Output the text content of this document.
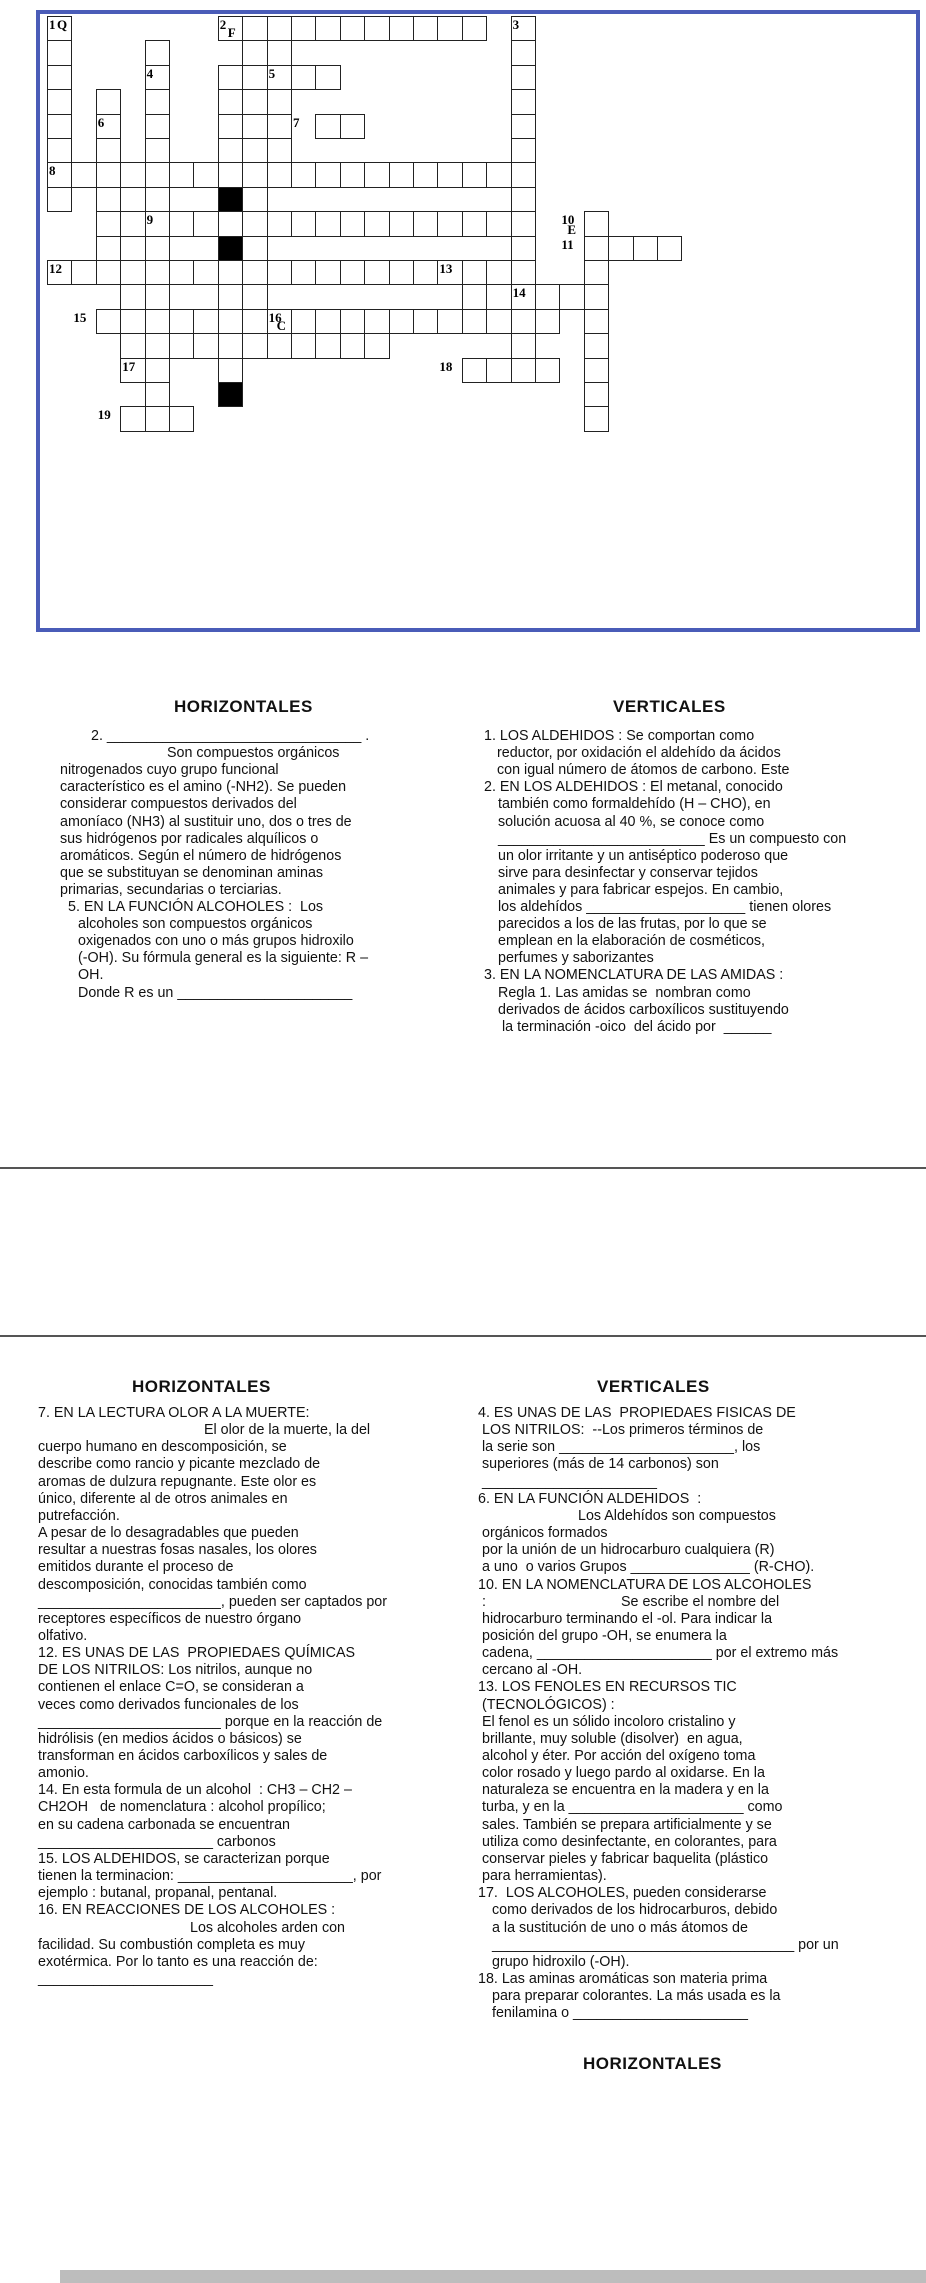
1	2	3
4	5
6	7
8
9	10
11
12	13
14
15	16
17	18
19
Q
F
E
C
HORIZONTALES	VERTICALES
HORIZONTALES	VERTICALES
HORIZONTALES
2. ________________________________ .
Son compuestos orgánicos
nitrogenados cuyo grupo funcional
característico es el amino (-NH2). Se pueden
considerar compuestos derivados del
amoníaco (NH3) al sustituir uno, dos o tres de
sus hidrógenos por radicales alquílicos o
aromáticos. Según el número de hidrógenos
que se substituyan se denominan aminas
primarias, secundarias o terciarias.
5. EN LA FUNCIÓN ALCOHOLES :  Los
alcoholes son compuestos orgánicos
oxigenados con uno o más grupos hidroxilo
(-OH). Su fórmula general es la siguiente: R –
OH.
Donde R es un ______________________
1. LOS ALDEHIDOS : Se comportan como
reductor, por oxidación el aldehído da ácidos
con igual número de átomos de carbono. Este
2. EN LOS ALDEHIDOS : El metanal, conocido
también como formaldehído (H – CHO), en
solución acuosa al 40 %, se conoce como
__________________________ Es un compuesto con
un olor irritante y un antiséptico poderoso que
sirve para desinfectar y conservar tejidos
animales y para fabricar espejos. En cambio,
los aldehídos ____________________ tienen olores
parecidos a los de las frutas, por lo que se
emplean en la elaboración de cosméticos,
perfumes y saborizantes
3. EN LA NOMENCLATURA DE LAS AMIDAS :
Regla 1. Las amidas se  nombran como
derivados de ácidos carboxílicos sustituyendo
la terminación -oico  del ácido por  ______
7. EN LA LECTURA OLOR A LA MUERTE:
El olor de la muerte, la del
cuerpo humano en descomposición, se
describe como rancio y picante mezclado de
aromas de dulzura repugnante. Este olor es
único, diferente al de otros animales en
putrefacción.
A pesar de lo desagradables que pueden
resultar a nuestras fosas nasales, los olores
emitidos durante el proceso de
descomposición, conocidas también como
_______________________, pueden ser captados por
receptores específicos de nuestro órgano
olfativo.
12. ES UNAS DE LAS  PROPIEDAES QUÍMICAS
DE LOS NITRILOS: Los nitrilos, aunque no
contienen el enlace C=O, se consideran a
veces como derivados funcionales de los
_______________________ porque en la reacción de
hidrólisis (en medios ácidos o básicos) se
transforman en ácidos carboxílicos y sales de
amonio.
14. En esta formula de un alcohol  : CH3 – CH2 –
CH2OH   de nomenclatura : alcohol propílico;
en su cadena carbonada se encuentran
______________________ carbonos
15. LOS ALDEHIDOS, se caracterizan porque
tienen la terminacion: ______________________, por
ejemplo : butanal, propanal, pentanal.
16. EN REACCIONES DE LOS ALCOHOLES :
Los alcoholes arden con
facilidad. Su combustión completa es muy
exotérmica. Por lo tanto es una reacción de:
______________________
4. ES UNAS DE LAS  PROPIEDAES FISICAS DE
LOS NITRILOS:  --Los primeros términos de
la serie son ______________________, los
superiores (más de 14 carbonos) son
______________________
6. EN LA FUNCIÓN ALDEHIDOS  :
Los Aldehídos son compuestos
orgánicos formados
por la unión de un hidrocarburo cualquiera (R)
a uno  o varios Grupos _______________ (R-CHO).
10. EN LA NOMENCLATURA DE LOS ALCOHOLES
:                                  Se escribe el nombre del
hidrocarburo terminando el -ol. Para indicar la
posición del grupo -OH, se enumera la
cadena, ______________________ por el extremo más
cercano al -OH.
13. LOS FENOLES EN RECURSOS TIC
(TECNOLÓGICOS) :
El fenol es un sólido incoloro cristalino y
brillante, muy soluble (disolver)  en agua,
alcohol y éter. Por acción del oxígeno toma
color rosado y luego pardo al oxidarse. En la
naturaleza se encuentra en la madera y en la
turba, y en la ______________________ como
sales. También se prepara artificialmente y se
utiliza como desinfectante, en colorantes, para
conservar pieles y fabricar baquelita (plástico
para herramientas).
17.  LOS ALCOHOLES, pueden considerarse
como derivados de los hidrocarburos, debido
a la sustitución de uno o más átomos de
______________________________________ por un
grupo hidroxilo (-OH).
18. Las aminas aromáticas son materia prima
para preparar colorantes. La más usada es la
fenilamina o ______________________
